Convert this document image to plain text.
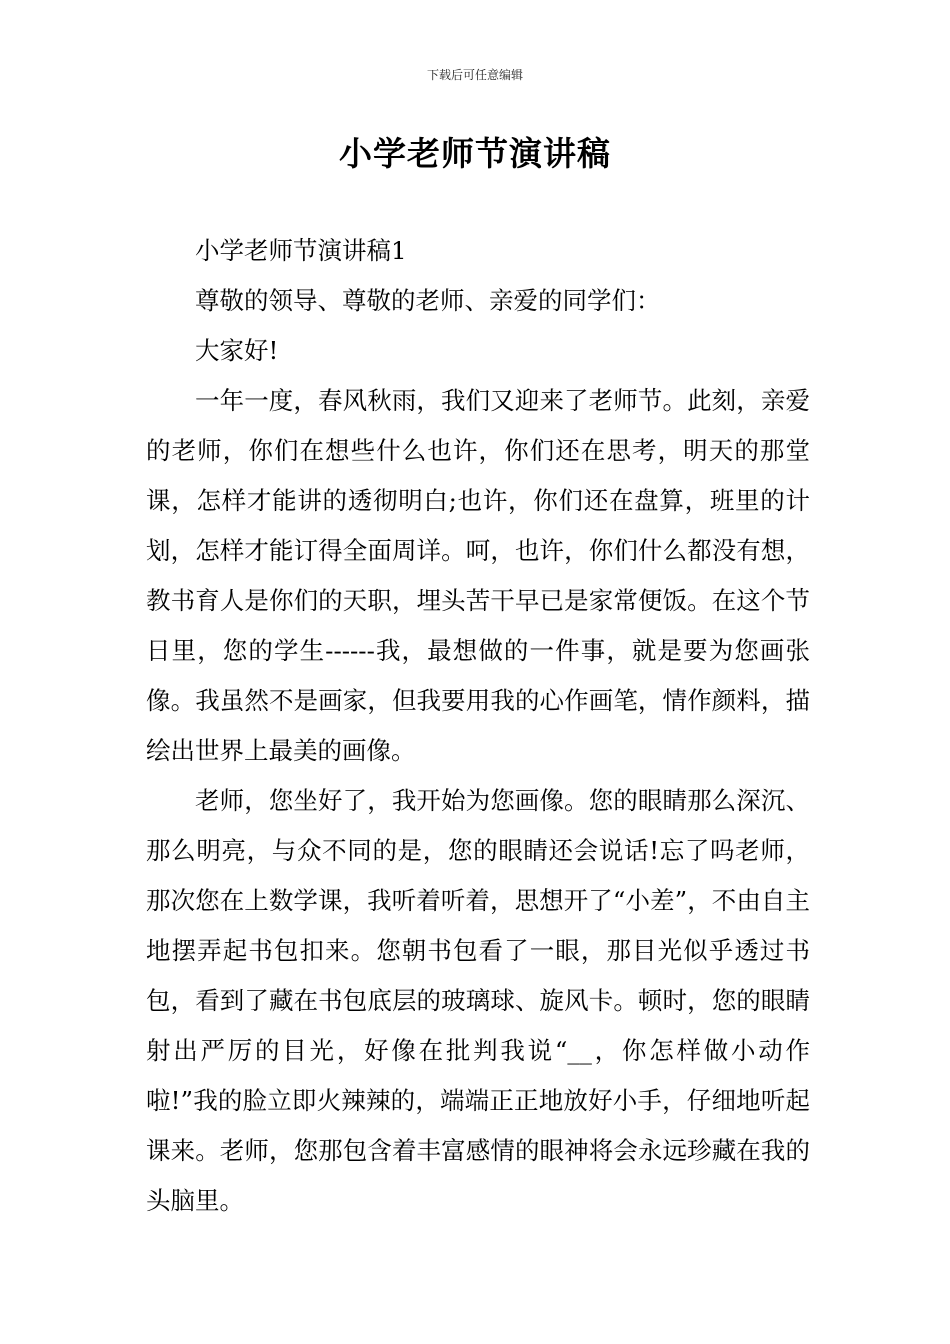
下载后可任意编辑
小学老师节演讲稿

小学老师节演讲稿1

尊敬的领导、尊敬的老师、亲爱的同学们：

大家好!

一年一度，春风秋雨，我们又迎来了老师节。此刻，亲爱的老师，你们在想些什么也许，你们还在思考，明天的那堂课，怎样才能讲的透彻明白;也许，你们还在盘算，班里的计划，怎样才能订得全面周详。呵，也许，你们什么都没有想，教书育人是你们的天职，埋头苦干早已是家常便饭。在这个节日里，您的学生------我，最想做的一件事，就是要为您画张像。我虽然不是画家，但我要用我的心作画笔，情作颜料，描绘出世界上最美的画像。

老师，您坐好了，我开始为您画像。您的眼睛那么深沉、那么明亮，与众不同的是，您的眼睛还会说话!忘了吗老师，那次您在上数学课，我听着听着，思想开了“小差”，不由自主地摆弄起书包扣来。您朝书包看了一眼，那目光似乎透过书包，看到了藏在书包底层的玻璃球、旋风卡。顿时，您的眼睛射出严厉的目光，好像在批判我说“__，你怎样做小动作啦!”我的脸立即火辣辣的，端端正正地放好小手，仔细地听起课来。老师，您那包含着丰富感情的眼神将会永远珍藏在我的头脑里。
